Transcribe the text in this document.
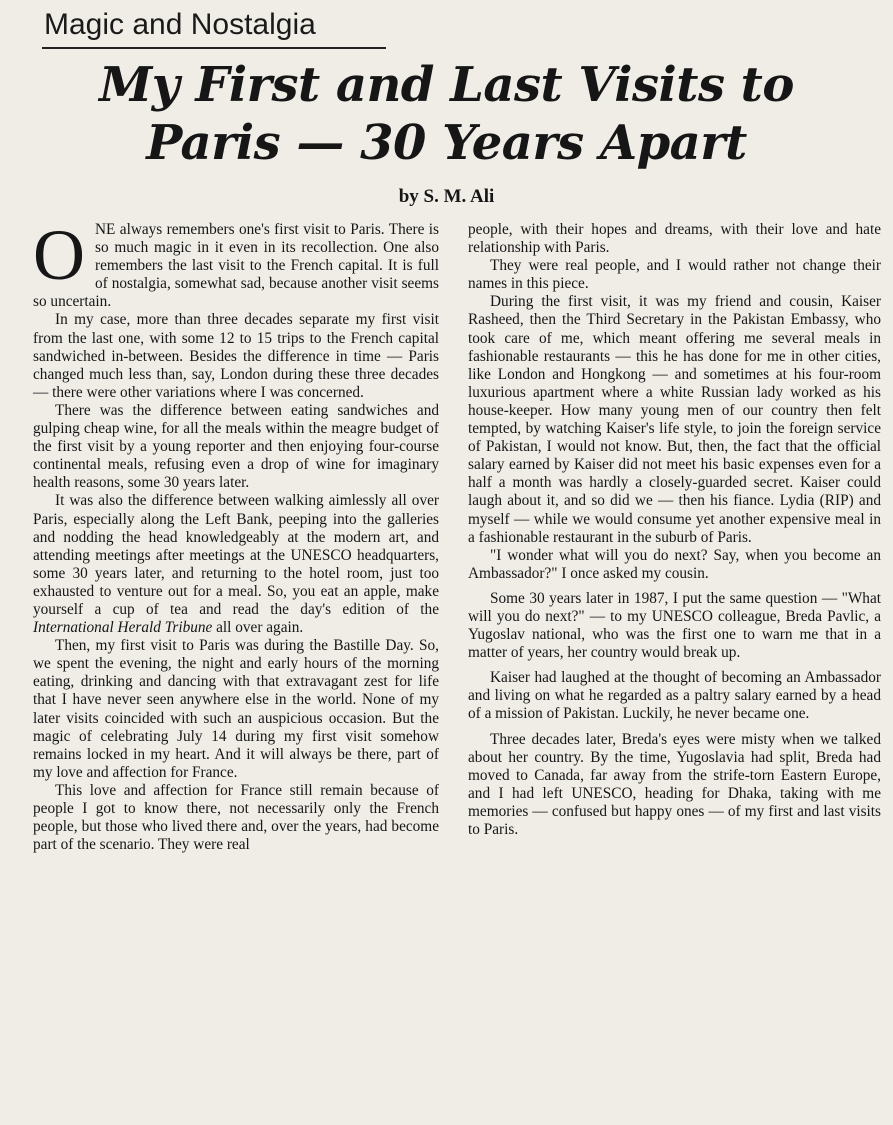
Magic and Nostalgia
My First and Last Visits to
Paris — 30 Years Apart
by S. M. Ali

ONE always remembers one's first visit to Paris. There is so much magic in it even in its recollection. One also remembers the last visit to the French capital. It is full of nostalgia, somewhat sad, because another visit seems so uncertain.

In my case, more than three decades separate my first visit from the last one, with some 12 to 15 trips to the French capital sandwiched in-between. Besides the difference in time — Paris changed much less than, say, London during these three decades — there were other variations where I was concerned.

There was the difference between eating sandwiches and gulping cheap wine, for all the meals within the meagre budget of the first visit by a young reporter and then enjoying four-course continental meals, refusing even a drop of wine for imaginary health reasons, some 30 years later.

It was also the difference between walking aimlessly all over Paris, especially along the Left Bank, peeping into the galleries and nodding the head knowledgeably at the modern art, and attending meetings after meetings at the UNESCO headquarters, some 30 years later, and returning to the hotel room, just too exhausted to venture out for a meal. So, you eat an apple, make yourself a cup of tea and read the day's edition of the International Herald Tribune all over again.

Then, my first visit to Paris was during the Bastille Day. So, we spent the evening, the night and early hours of the morning eating, drinking and dancing with that extravagant zest for life that I have never seen anywhere else in the world. None of my later visits coincided with such an auspicious occasion. But the magic of celebrating July 14 during my first visit somehow remains locked in my heart. And it will always be there, part of my love and affection for France.

This love and affection for France still remain because of people I got to know there, not necessarily only the French people, but those who lived there and, over the years, had become part of the scenario. They were real

people, with their hopes and dreams, with their love and hate relationship with Paris.

They were real people, and I would rather not change their names in this piece.

During the first visit, it was my friend and cousin, Kaiser Rasheed, then the Third Secretary in the Pakistan Embassy, who took care of me, which meant offering me several meals in fashionable restaurants — this he has done for me in other cities, like London and Hongkong — and sometimes at his four-room luxurious apartment where a white Russian lady worked as his house-keeper. How many young men of our country then felt tempted, by watching Kaiser's life style, to join the foreign service of Pakistan, I would not know. But, then, the fact that the official salary earned by Kaiser did not meet his basic expenses even for a half a month was hardly a closely-guarded secret. Kaiser could laugh about it, and so did we — then his fiance. Lydia (RIP) and myself — while we would consume yet another expensive meal in a fashionable restaurant in the suburb of Paris.

"I wonder what will you do next? Say, when you become an Ambassador?" I once asked my cousin.

Some 30 years later in 1987, I put the same question — "What will you do next?" — to my UNESCO colleague, Breda Pavlic, a Yugoslav national, who was the first one to warn me that in a matter of years, her country would break up.

Kaiser had laughed at the thought of becoming an Ambassador and living on what he regarded as a paltry salary earned by a head of a mission of Pakistan. Luckily, he never became one.

Three decades later, Breda's eyes were misty when we talked about her country. By the time, Yugoslavia had split, Breda had moved to Canada, far away from the strife-torn Eastern Europe, and I had left UNESCO, heading for Dhaka, taking with me memories — confused but happy ones — of my first and last visits to Paris.
